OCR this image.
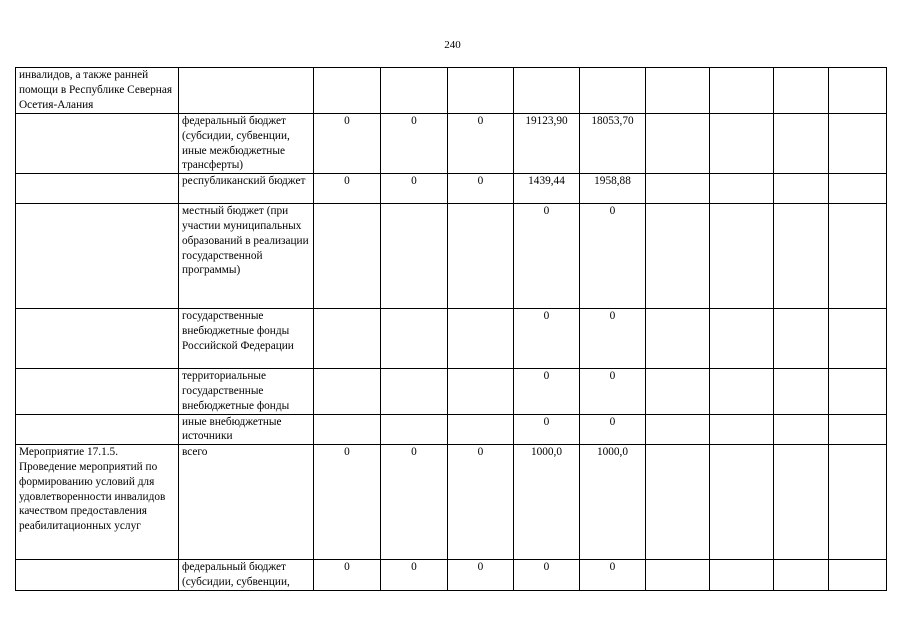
240
инвалидов, а также ранней помощи в Республике Северная Осетия-Алания										
	федеральный бюджет (субсидии, субвенции, иные межбюджетные трансферты)	0	0	0	19123,90	18053,70				
	республиканский бюджет	0	0	0	1439,44	1958,88				
	местный бюджет (при участии муниципальных образований в реализации государственной программы)				0	0				
	государственные внебюджетные фонды Российской Федерации				0	0				
	территориальные государственные внебюджетные фонды				0	0				
	иные внебюджетные источники				0	0				
Мероприятие 17.1.5. Проведение мероприятий по формированию условий для удовлетворенности инвалидов качеством предоставления реабилитационных услуг	всего	0	0	0	1000,0	1000,0				
	федеральный бюджет (субсидии, субвенции,	0	0	0	0	0				
